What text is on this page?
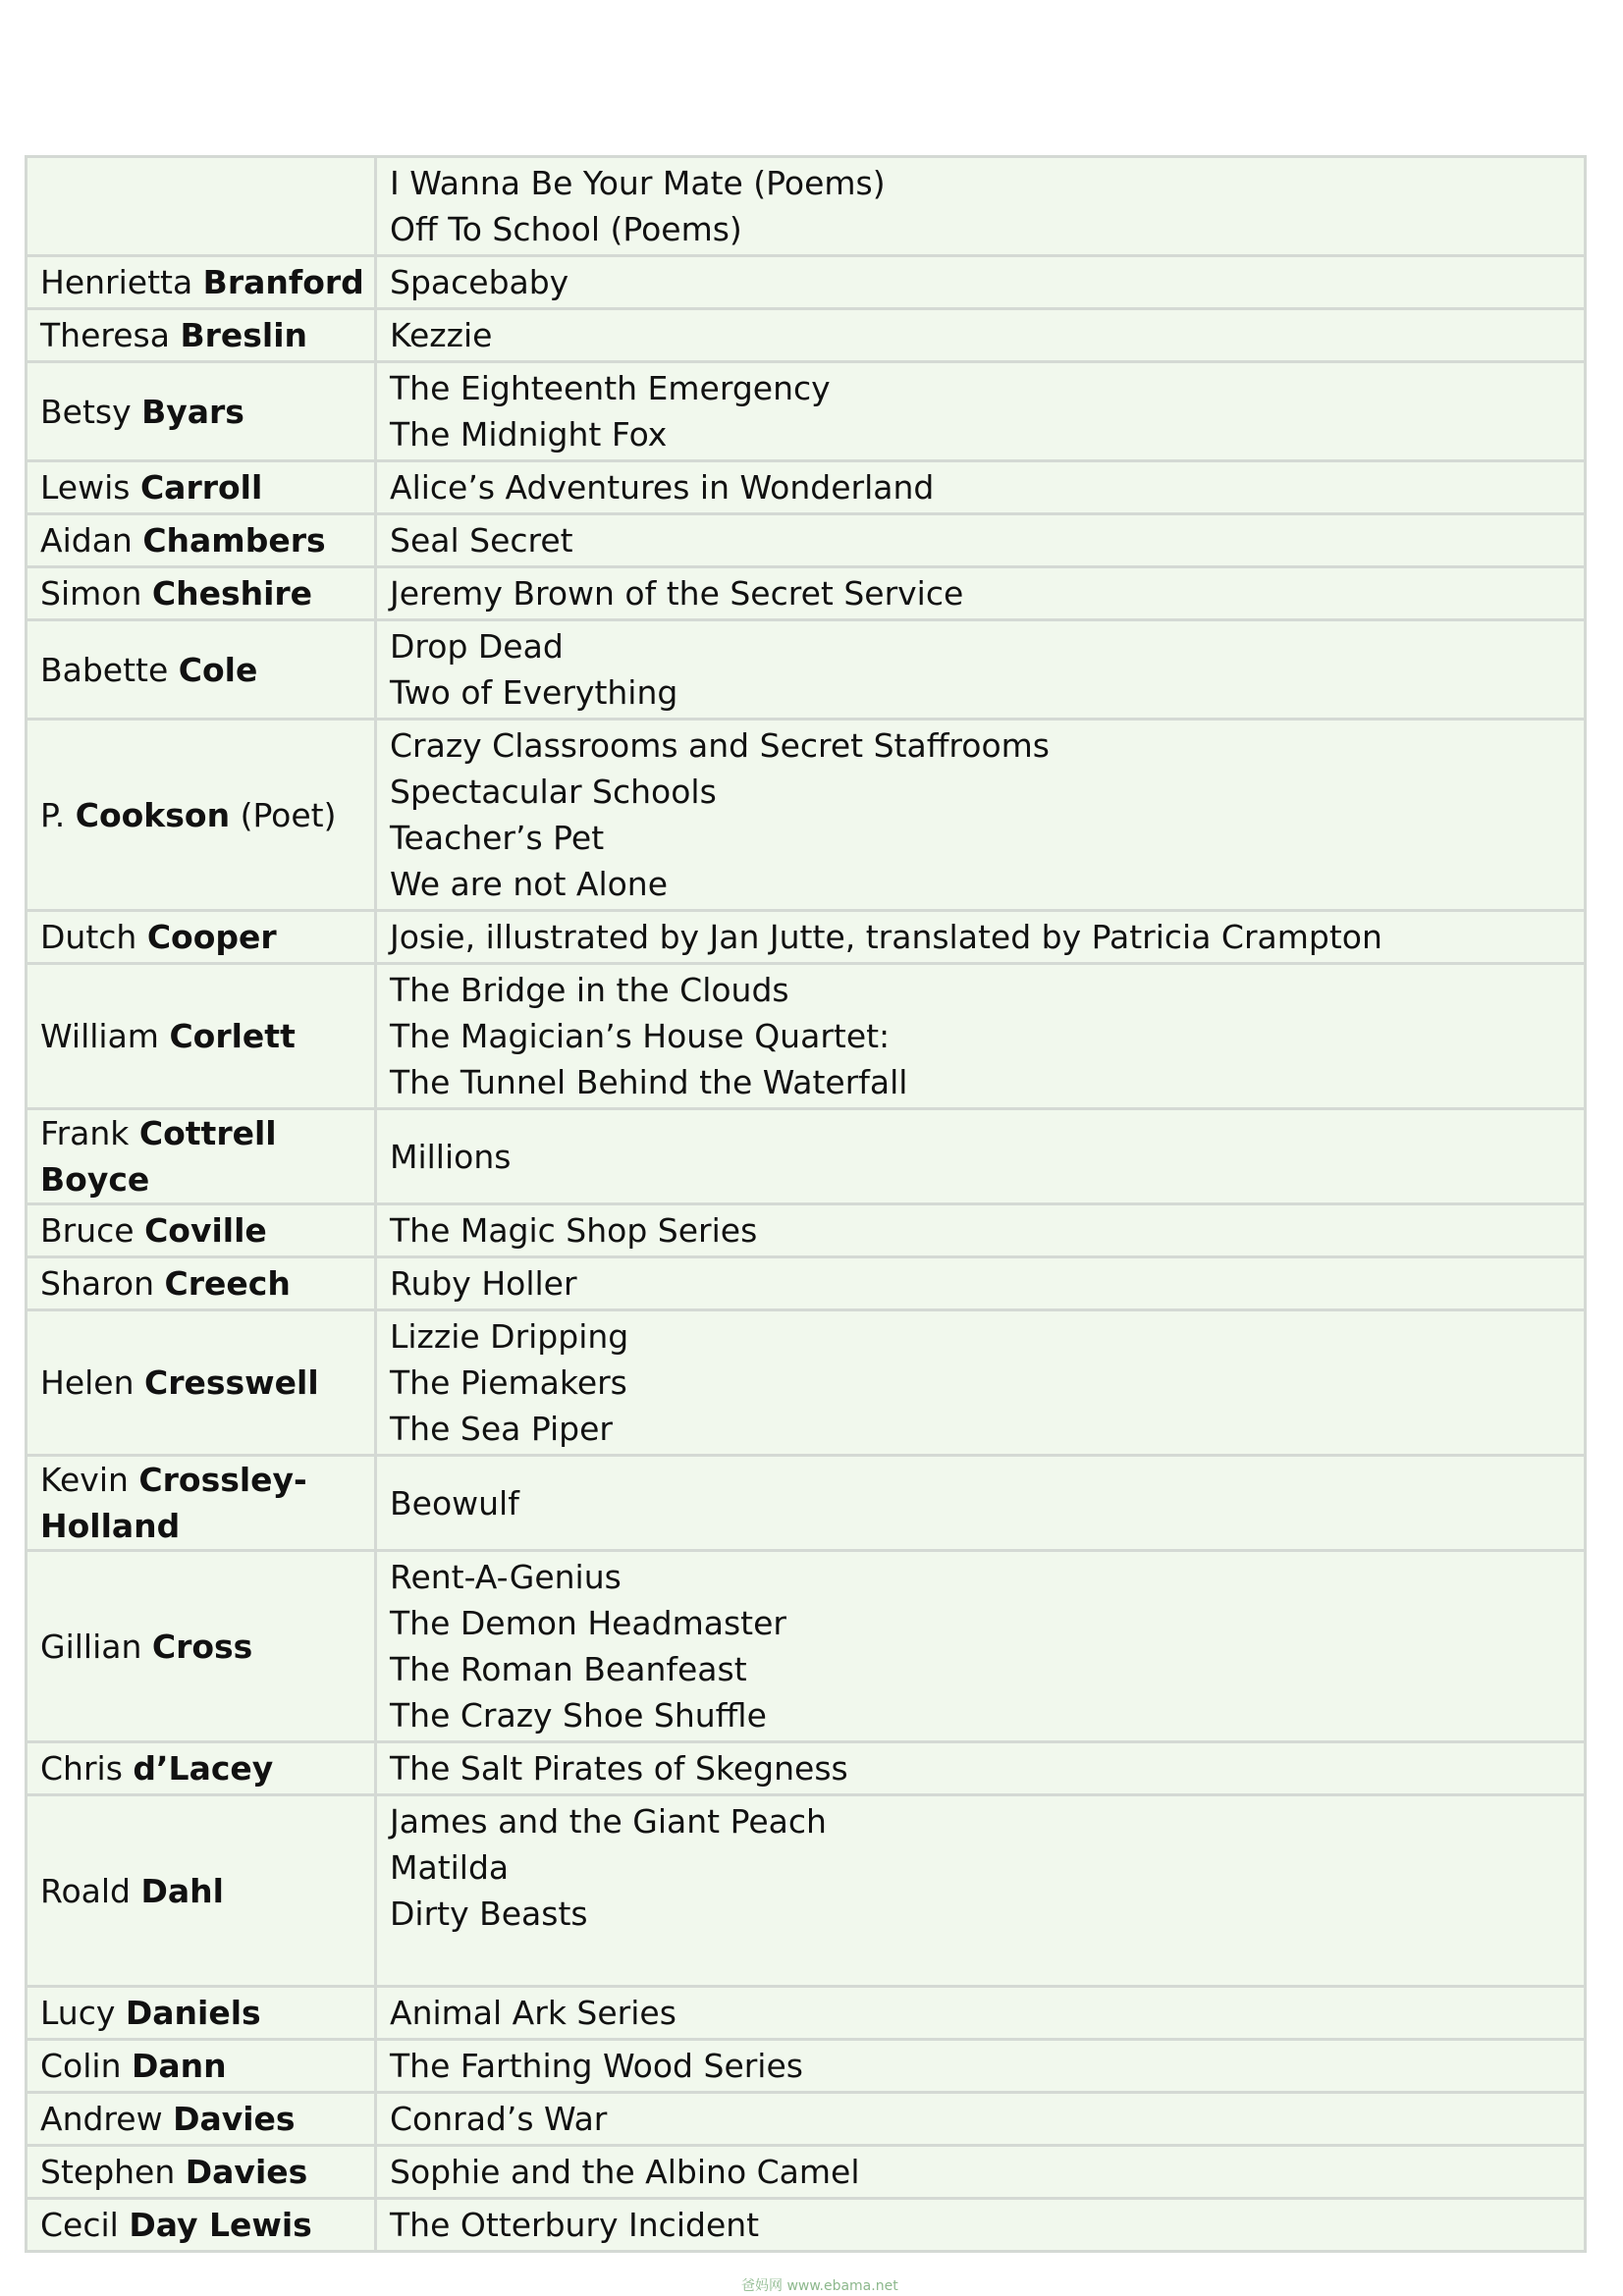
	I Wanna Be Your Mate (Poems)
Off To School (Poems)

Henrietta Branford	Spacebaby

Theresa Breslin	Kezzie

Betsy Byars	The Eighteenth Emergency
The Midnight Fox

Lewis Carroll	Alice’s Adventures in Wonderland

Aidan Chambers	Seal Secret

Simon Cheshire	Jeremy Brown of the Secret Service

Babette Cole	Drop Dead
Two of Everything

P. Cookson (Poet)	Crazy Classrooms and Secret Staffrooms
Spectacular Schools
Teacher’s Pet
We are not Alone

Dutch Cooper	Josie, illustrated by Jan Jutte, translated by Patricia Crampton

William Corlett	The Bridge in the Clouds
The Magician’s House Quartet:
The Tunnel Behind the Waterfall

Frank Cottrell Boyce	Millions

Bruce Coville	The Magic Shop Series

Sharon Creech	Ruby Holler

Helen Cresswell	Lizzie Dripping
The Piemakers
The Sea Piper

Kevin Crossley-Holland	Beowulf

Gillian Cross	Rent-A-Genius
The Demon Headmaster
The Roman Beanfeast
The Crazy Shoe Shuffle

Chris d’Lacey	The Salt Pirates of Skegness

Roald Dahl	James and the Giant Peach
Matilda
Dirty Beasts

Lucy Daniels	Animal Ark Series

Colin Dann	The Farthing Wood Series

Andrew Davies	Conrad’s War

Stephen Davies	Sophie and the Albino Camel

Cecil Day Lewis	The Otterbury Incident
爸妈网 www.ebama.net
